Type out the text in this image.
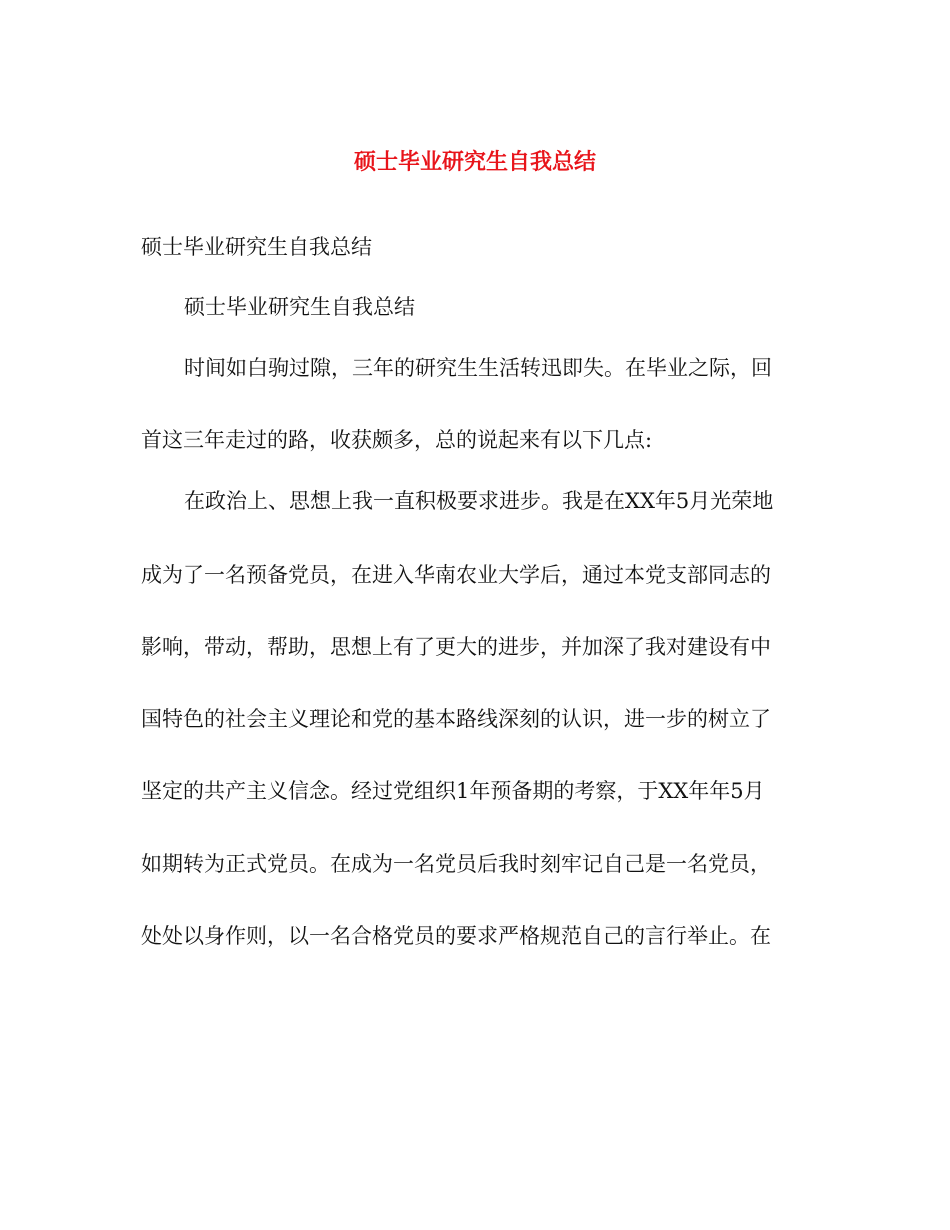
硕士毕业研究生自我总结
硕士毕业研究生自我总结
硕士毕业研究生自我总结
时间如白驹过隙，三年的研究生生活转迅即失。在毕业之际，回
首这三年走过的路，收获颇多，总的说起来有以下几点:
在政治上、思想上我一直积极要求进步。我是在XX年5月光荣地
成为了一名预备党员，在进入华南农业大学后，通过本党支部同志的
影响，带动，帮助，思想上有了更大的进步，并加深了我对建设有中
国特色的社会主义理论和党的基本路线深刻的认识，进一步的树立了
坚定的共产主义信念。经过党组织1年预备期的考察，于XX年年5月
如期转为正式党员。在成为一名党员后我时刻牢记自己是一名党员，
处处以身作则，以一名合格党员的要求严格规范自己的言行举止。在
